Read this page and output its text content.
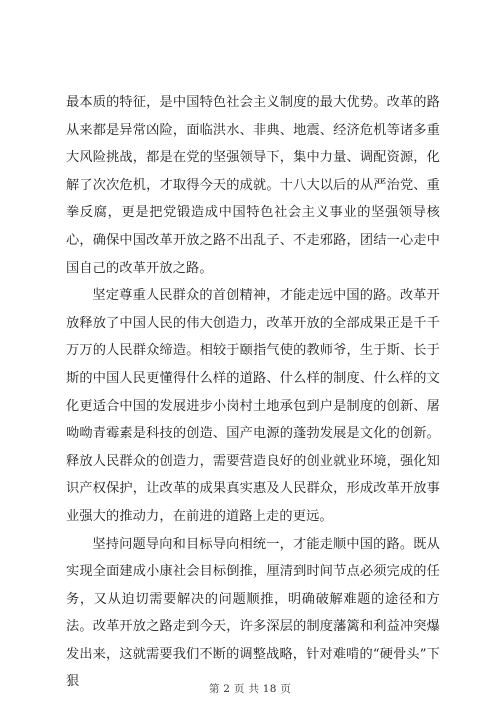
最本质的特征，是中国特色社会主义制度的最大优势。改革的路从来都是异常凶险，面临洪水、非典、地震、经济危机等诸多重大风险挑战，都是在党的坚强领导下，集中力量、调配资源，化解了次次危机，才取得今天的成就。十八大以后的从严治党、重拳反腐，更是把党锻造成中国特色社会主义事业的坚强领导核心，确保中国改革开放之路不出乱子、不走邪路，团结一心走中国自己的改革开放之路。

坚定尊重人民群众的首创精神，才能走远中国的路。改革开放释放了中国人民的伟大创造力，改革开放的全部成果正是千千万万的人民群众缔造。相较于颐指气使的教师爷，生于斯、长于斯的中国人民更懂得什么样的道路、什么样的制度、什么样的文化更适合中国的发展进步小岗村土地承包到户是制度的创新、屠呦呦青霉素是科技的创造、国产电源的蓬勃发展是文化的创新。释放人民群众的创造力，需要营造良好的创业就业环境，强化知识产权保护，让改革的成果真实惠及人民群众，形成改革开放事业强大的推动力，在前进的道路上走的更远。

坚持问题导向和目标导向相统一，才能走顺中国的路。既从实现全面建成小康社会目标倒推，厘清到时间节点必须完成的任务，又从迫切需要解决的问题顺推，明确破解难题的途径和方法。改革开放之路走到今天，许多深层的制度藩篱和利益冲突爆发出来，这就需要我们不断的调整战略，针对难啃的“硬骨头”下狠	第 2 页 共 18 页
